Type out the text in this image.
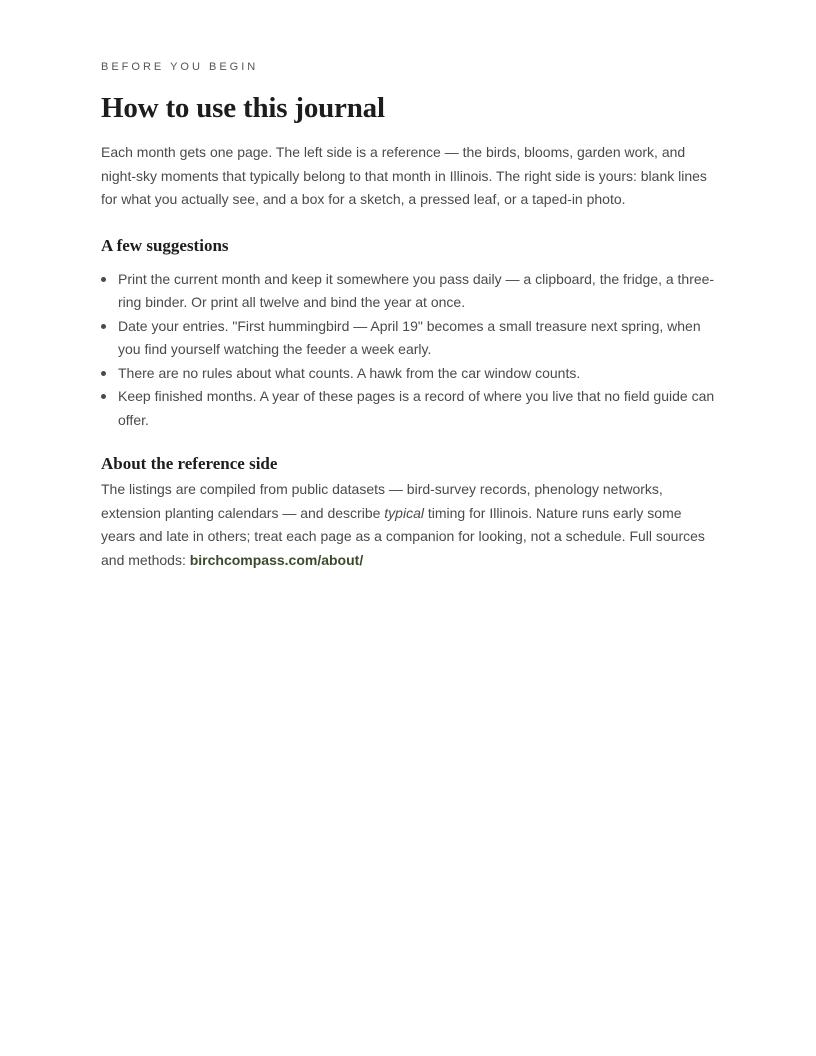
BEFORE YOU BEGIN

How to use this journal

Each month gets one page. The left side is a reference — the birds, blooms, garden work, and night-sky moments that typically belong to that month in Illinois. The right side is yours: blank lines for what you actually see, and a box for a sketch, a pressed leaf, or a taped-in photo.

A few suggestions
Print the current month and keep it somewhere you pass daily — a clipboard, the fridge, a three-ring binder. Or print all twelve and bind the year at once.
Date your entries. "First hummingbird — April 19" becomes a small treasure next spring, when you find yourself watching the feeder a week early.
There are no rules about what counts. A hawk from the car window counts.
Keep finished months. A year of these pages is a record of where you live that no field guide can offer.
About the reference side

The listings are compiled from public datasets — bird-survey records, phenology networks, extension planting calendars — and describe typical timing for Illinois. Nature runs early some years and late in others; treat each page as a companion for looking, not a schedule. Full sources and methods: birchcompass.com/about/
